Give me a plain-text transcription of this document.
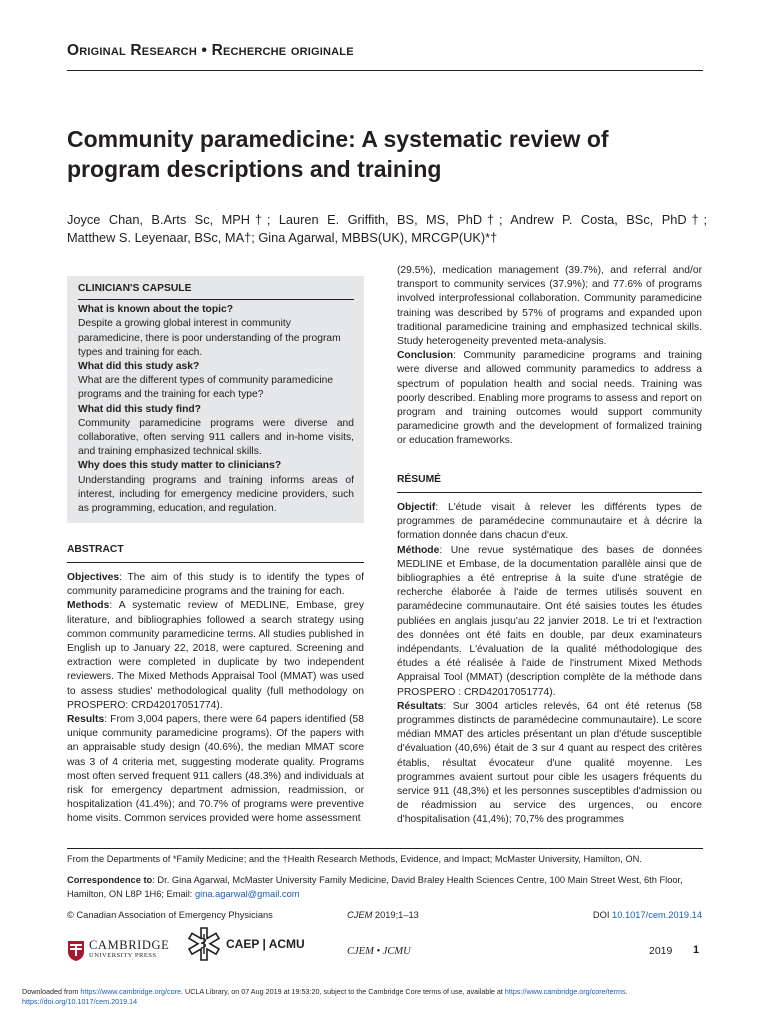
Original Research • Recherche originale
Community paramedicine: A systematic review of program descriptions and training
Joyce Chan, B.Arts Sc, MPH†; Lauren E. Griffith, BS, MS, PhD†; Andrew P. Costa, BSc, PhD†;
Matthew S. Leyenaar, BSc, MA†; Gina Agarwal, MBBS(UK), MRCGP(UK)*†
CLINICIAN'S CAPSULE

What is known about the topic?

Despite a growing global interest in community paramedicine, there is poor understanding of the program types and training for each.

What did this study ask?

What are the different types of community paramedicine programs and the training for each type?

What did this study find?

Community paramedicine programs were diverse and collaborative, often serving 911 callers and in-home visits, and training emphasized technical skills.

Why does this study matter to clinicians?

Understanding programs and training informs areas of interest, including for emergency medicine providers, such as programming, education, and regulation.

ABSTRACT

Objectives: The aim of this study is to identify the types of community paramedicine programs and the training for each.

Methods: A systematic review of MEDLINE, Embase, grey literature, and bibliographies followed a search strategy using common community paramedicine terms. All studies published in English up to January 22, 2018, were captured. Screening and extraction were completed in duplicate by two independent reviewers. The Mixed Methods Appraisal Tool (MMAT) was used to assess studies' methodological quality (full methodology on PROSPERO: CRD42017051774).

Results: From 3,004 papers, there were 64 papers identified (58 unique community paramedicine programs). Of the papers with an appraisable study design (40.6%), the median MMAT score was 3 of 4 criteria met, suggesting moderate quality. Programs most often served frequent 911 callers (48.3%) and individuals at risk for emergency department admission, readmission, or hospitalization (41.4%); and 70.7% of programs were preventive home visits. Common services provided were home assessment

(29.5%), medication management (39.7%), and referral and/or transport to community services (37.9%); and 77.6% of programs involved interprofessional collaboration. Community paramedicine training was described by 57% of programs and expanded upon traditional paramedicine training and emphasized technical skills. Study heterogeneity prevented meta-analysis.

Conclusion: Community paramedicine programs and training were diverse and allowed community paramedics to address a spectrum of population health and social needs. Training was poorly described. Enabling more programs to assess and report on program and training outcomes would support community paramedicine growth and the development of formalized training or education frameworks.

RÉSUMÉ

Objectif: L'étude visait à relever les différents types de programmes de paramédecine communautaire et à décrire la formation donnée dans chacun d'eux.

Méthode: Une revue systématique des bases de données MEDLINE et Embase, de la documentation parallèle ainsi que de bibliographies a été entreprise à la suite d'une stratégie de recherche élaborée à l'aide de termes utilisés souvent en paramédecine communautaire. Ont été saisies toutes les études publiées en anglais jusqu'au 22 janvier 2018. Le tri et l'extraction des données ont été faits en double, par deux examinateurs indépendants. L'évaluation de la qualité méthodologique des études a été réalisée à l'aide de l'instrument Mixed Methods Appraisal Tool (MMAT) (description complète de la méthode dans PROSPERO : CRD42017051774).

Résultats: Sur 3004 articles relevés, 64 ont été retenus (58 programmes distincts de paramédecine communautaire). Le score médian MMAT des articles présentant un plan d'étude susceptible d'évaluation (40,6%) était de 3 sur 4 quant au respect des critères établis, résultat évocateur d'une qualité moyenne. Les programmes avaient surtout pour cible les usagers fréquents du service 911 (48,3%) et les personnes susceptibles d'admission ou de réadmission au service des urgences, ou encore d'hospitalisation (41,4%); 70,7% des programmes

From the Departments of *Family Medicine; and the †Health Research Methods, Evidence, and Impact; McMaster University, Hamilton, ON.
Correspondence to: Dr. Gina Agarwal, McMaster University Family Medicine, David Braley Health Sciences Centre, 100 Main Street West, 6th Floor, Hamilton, ON L8P 1H6; Email: gina.agarwal@gmail.com
© Canadian Association of Emergency Physicians	CJEM 2019;1–13	DOI 10.1017/cem.2019.14
CAMBRIDGE
UNIVERSITY PRESS
CAEP | ACMU
CJEM • JCMU	2019 1
Downloaded from https://www.cambridge.org/core. UCLA Library, on 07 Aug 2019 at 19:53:20, subject to the Cambridge Core terms of use, available at https://www.cambridge.org/core/terms.
https://doi.org/10.1017/cem.2019.14
